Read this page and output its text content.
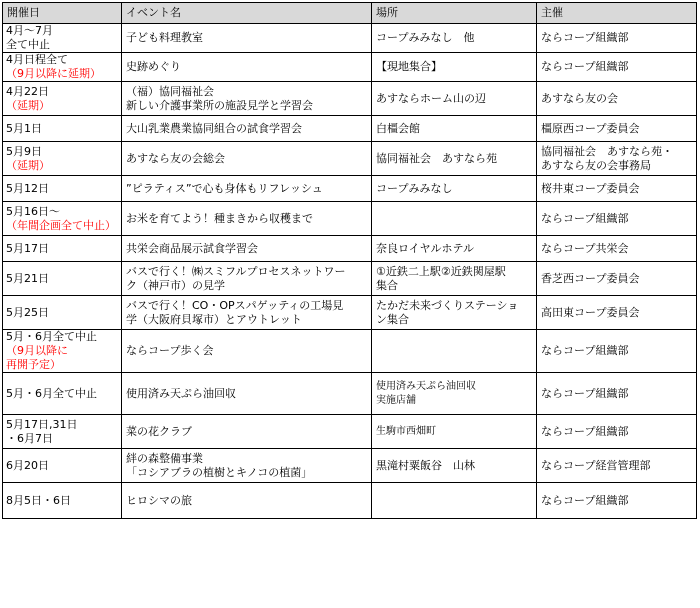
開催日	イベント名	場所	主催

4月～7月
全て中止	子ども料理教室	コープみみなし　他	ならコープ組織部

4月日程全て
（9月以降に延期）	史跡めぐり	【現地集合】	ならコープ組織部

4月22日
（延期）	（福）協同福祉会
新しい介護事業所の施設見学と学習会	あすならホーム山の辺	あすなら友の会

5月1日	大山乳業農業協同組合の試食学習会	白橿会館	橿原西コープ委員会

5月9日
（延期）	あすなら友の会総会	協同福祉会　あすなら苑	協同福祉会　あすなら苑・
あすなら友の会事務局

5月12日	”ピラティス”で心も身体もリフレッシュ	コープみみなし	桜井東コープ委員会

5月16日～
（年間企画全て中止）	お米を育てよう！種まきから収穫まで		ならコープ組織部

5月17日	共栄会商品展示試食学習会	奈良ロイヤルホテル	ならコープ共栄会

5月21日	バスで行く！㈱スミフルプロセスネットワー
ク（神戸市）の見学	①近鉄二上駅②近鉄関屋駅
集合	香芝西コープ委員会

5月25日	バスで行く！CO・OPスパゲッティの工場見
学（大阪府貝塚市）とアウトレット	たかだ未来づくりステーショ
ン集合	高田東コープ委員会

5月・6月全て中止
（9月以降に
再開予定）	ならコープ歩く会		ならコープ組織部

5月・6月全て中止	使用済み天ぷら油回収	使用済み天ぷら油回収
実施店舗	ならコープ組織部

5月17日,31日
・6月7日	菜の花クラブ	生駒市西畑町	ならコープ組織部

6月20日	絆の森整備事業
「コシアブラの植樹とキノコの植菌」	黒滝村粟飯谷　山林	ならコープ経営管理部

8月5日・6日	ヒロシマの旅		ならコープ組織部
